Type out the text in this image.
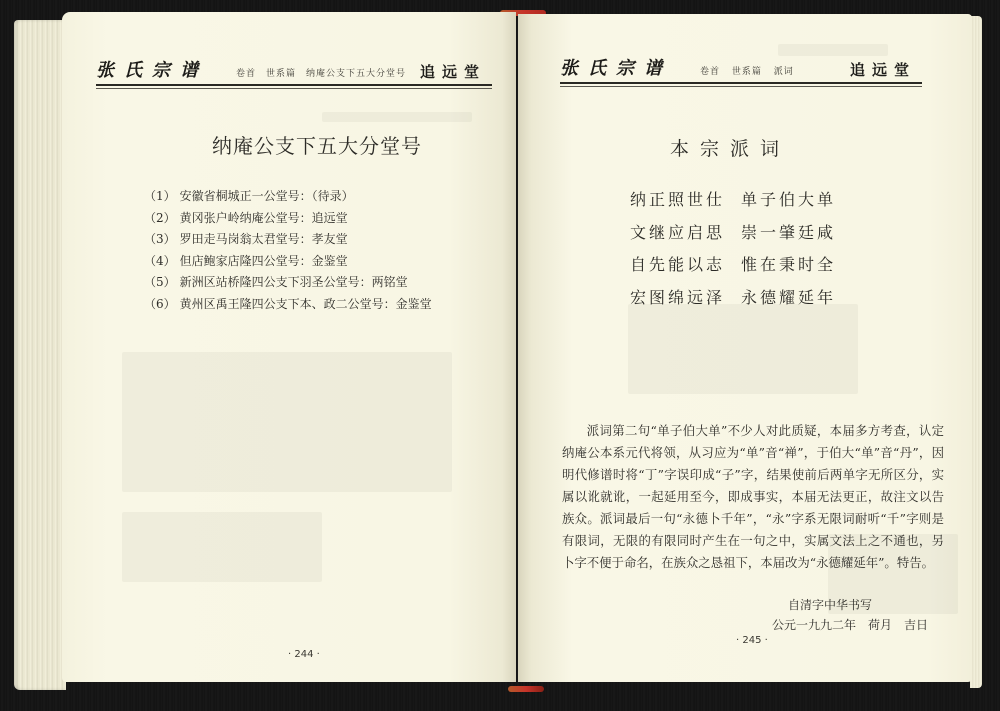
张氏宗谱	卷首　世系篇　纳庵公支下五大分堂号 追远堂
纳庵公支下五大分堂号
（1） 安徽省桐城正一公堂号：（待录）
（2） 黄冈张户岭纳庵公堂号：追远堂
（3） 罗田走马岗翁太君堂号：孝友堂
（4） 但店鲍家店隆四公堂号：金鉴堂
（5） 新洲区站桥隆四公支下羽圣公堂号：两铭堂
（6） 黄州区禹王隆四公支下本、政二公堂号：金鉴堂
· 244 ·
张氏宗谱	卷首 世系篇 派词	追远堂
本宗派词
纳正照世仕 单子伯大单
文继应启思 崇一肇廷咸
自先能以志 惟在秉时全
宏图绵远泽 永德耀延年

派词第二句“单子伯大单”不少人对此质疑，本届多方考查，认定纳庵公本系元代将领，从习应为“单”音“禅”，于伯大“单”音“丹”，因明代修谱时将“丁”字误印成“子”字，结果使前后两单字无所区分，实属以讹就讹，一起延用至今，即成事实，本届无法更正，故注文以告族众。派词最后一句“永德卜千年”，“永”字系无限词耐听“千”字则是有限词，无限的有限同时产生在一句之中，实属文法上之不通也，另卜字不便于命名，在族众之恳祖下，本届改为“永德耀延年”。特告。

自清字中华书写
公元一九九二年　荷月　吉日
· 245 ·
